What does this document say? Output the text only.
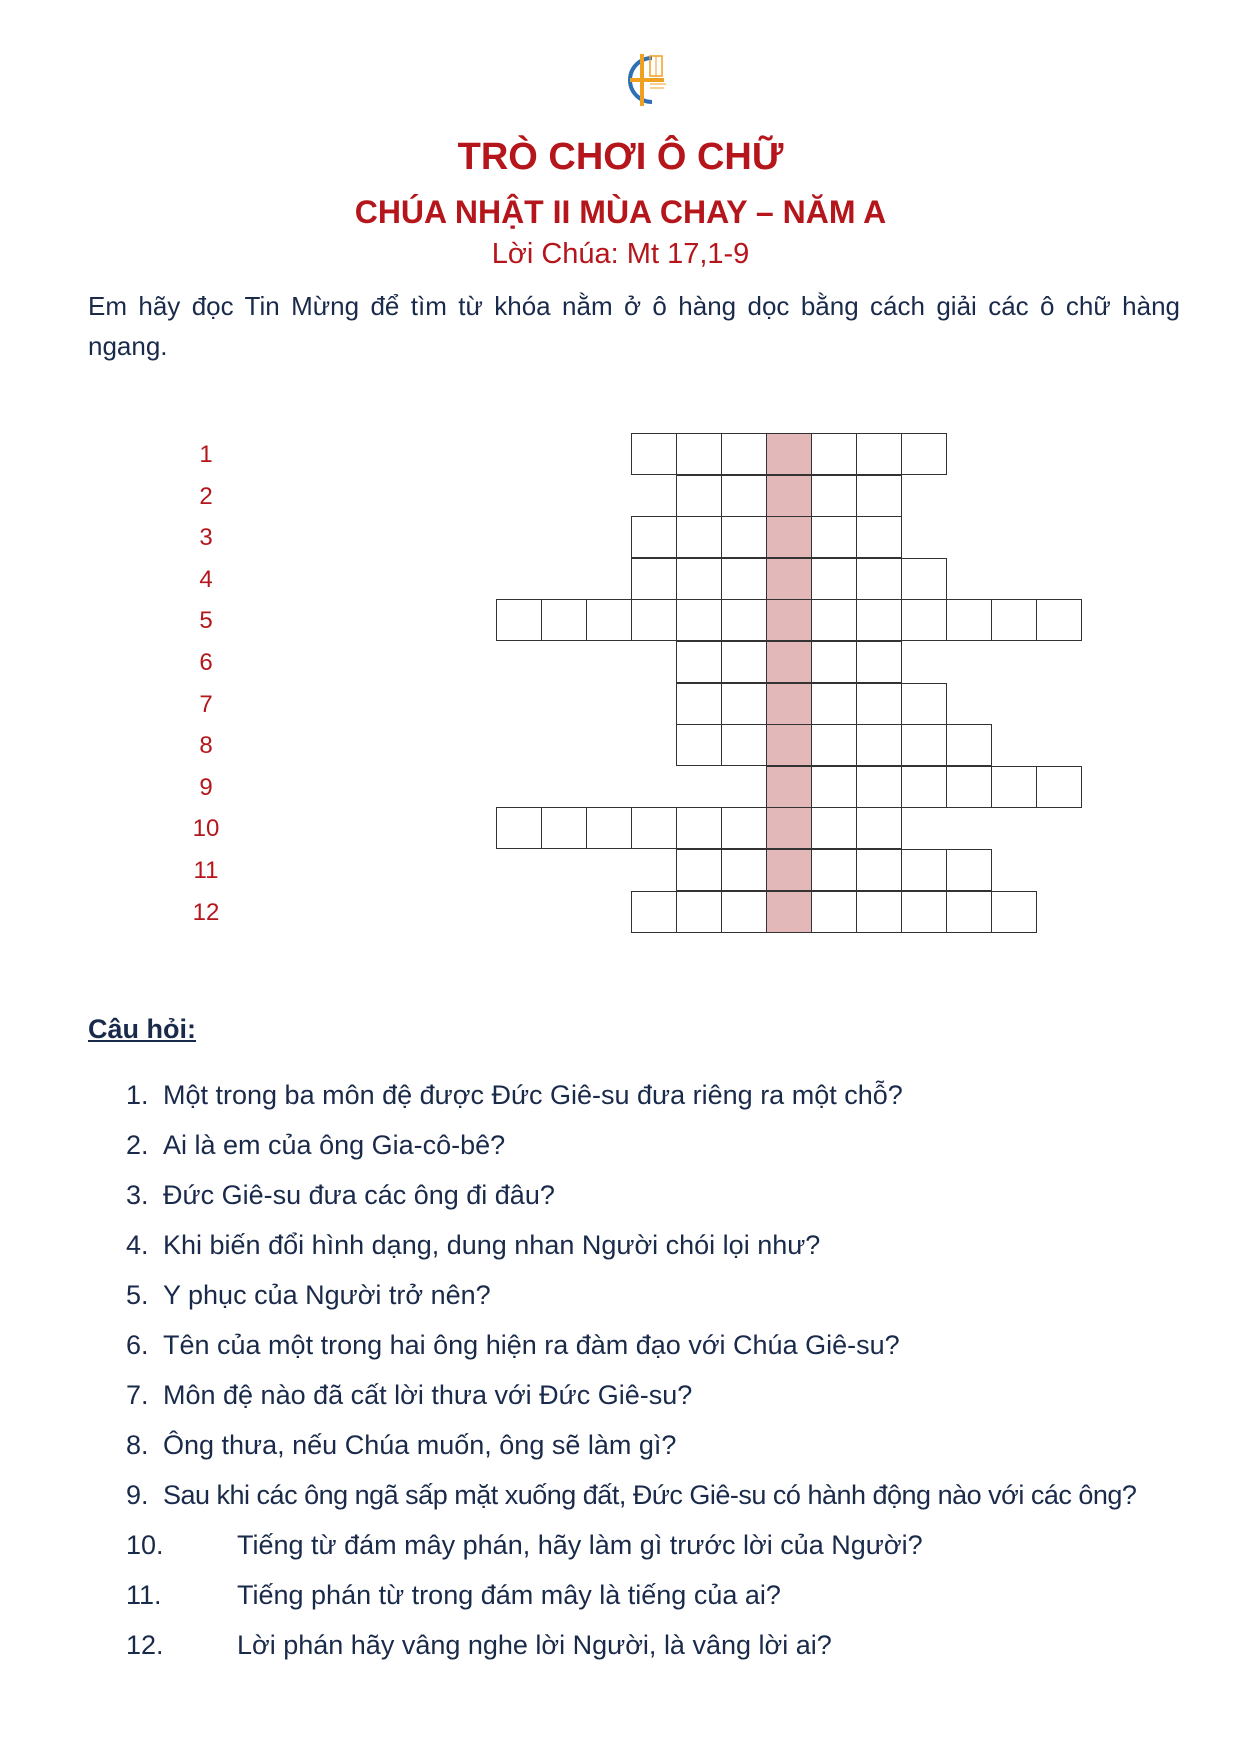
TRÒ CHƠI Ô CHỮ
CHÚA NHẬT II MÙA CHAY – NĂM A
Lời Chúa: Mt 17,1-9

Em hãy đọc Tin Mừng để tìm từ khóa nằm ở ô hàng dọc bằng cách giải các ô chữ hàng ngang.

1
2
3
4
5
6
7
8
9
10
11
12

Câu hỏi:

1. Một trong ba môn đệ được Đức Giê-su đưa riêng ra một chỗ?
2. Ai là em của ông Gia-cô-bê?
3. Đức Giê-su đưa các ông đi đâu?
4. Khi biến đổi hình dạng, dung nhan Người chói lọi như?
5. Y phục của Người trở nên?
6. Tên của một trong hai ông hiện ra đàm đạo với Chúa Giê-su?
7. Môn đệ nào đã cất lời thưa với Đức Giê-su?
8. Ông thưa, nếu Chúa muốn, ông sẽ làm gì?
9. Sau khi các ông ngã sấp mặt xuống đất, Đức Giê-su có hành động nào với các ông?
10.	Tiếng từ đám mây phán, hãy làm gì trước lời của Người?
11.	Tiếng phán từ trong đám mây là tiếng của ai?
12.	Lời phán hãy vâng nghe lời Người, là vâng lời ai?
